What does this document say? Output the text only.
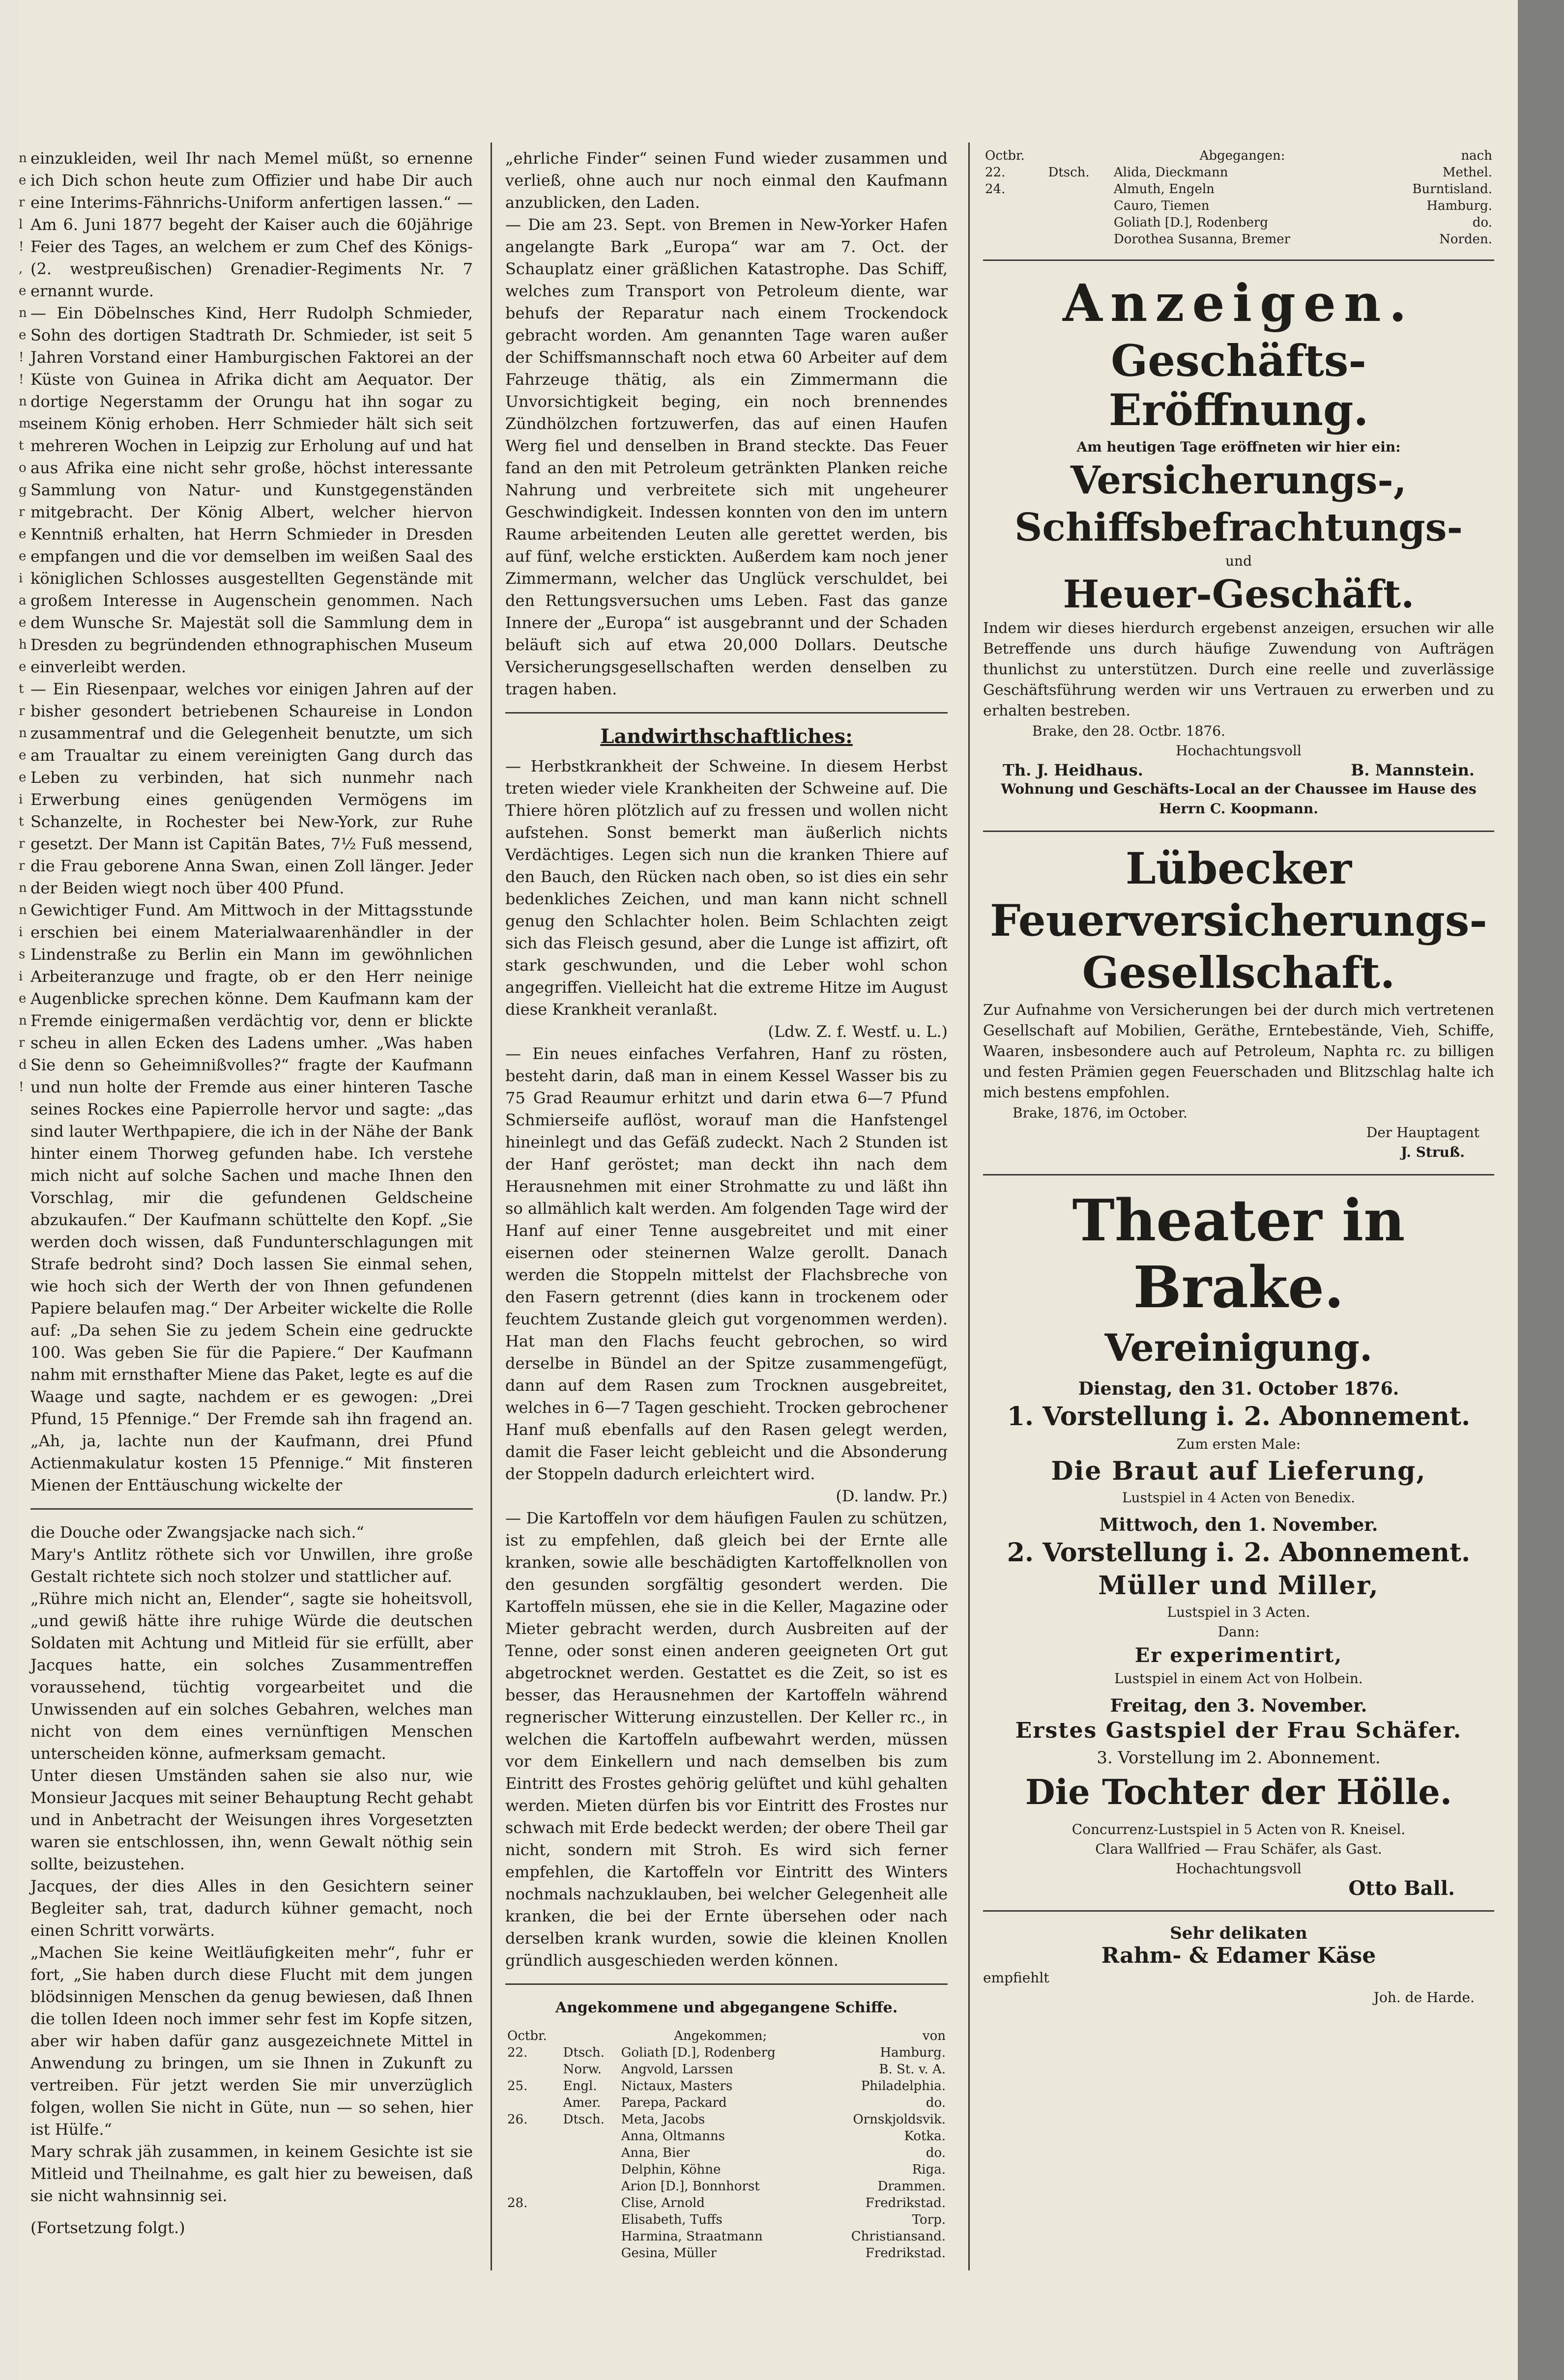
n
e
r
l
!
,
e
n
e
!
!
n
m
t
o
g
r
e
e
i
a
e
h
e
t
r
n
e
e
i
t
r
r
n
n
i
s
i
e
n
r
d
!

einzukleiden, weil Ihr nach Memel müßt, so ernenne ich Dich schon heute zum Offizier und habe Dir auch eine Interims-Fähnrichs-Uniform anfertigen lassen.“ — Am 6. Juni 1877 begeht der Kaiser auch die 60jährige Feier des Tages, an welchem er zum Chef des Königs- (2. westpreußischen) Grenadier-Regiments Nr. 7 ernannt wurde.

— Ein Döbelnsches Kind, Herr Rudolph Schmieder, Sohn des dortigen Stadtrath Dr. Schmieder, ist seit 5 Jahren Vorstand einer Hamburgischen Faktorei an der Küste von Guinea in Afrika dicht am Aequator. Der dortige Negerstamm der Orungu hat ihn sogar zu seinem König erhoben. Herr Schmieder hält sich seit mehreren Wochen in Leipzig zur Erholung auf und hat aus Afrika eine nicht sehr große, höchst interessante Sammlung von Natur- und Kunstgegenständen mitgebracht. Der König Albert, welcher hiervon Kenntniß erhalten, hat Herrn Schmieder in Dresden empfangen und die vor demselben im weißen Saal des königlichen Schlosses ausgestellten Gegenstände mit großem Interesse in Augenschein genommen. Nach dem Wunsche Sr. Majestät soll die Sammlung dem in Dresden zu begründenden ethnographischen Museum einverleibt werden.

— Ein Riesenpaar, welches vor einigen Jahren auf der bisher gesondert betriebenen Schaureise in London zusammentraf und die Gelegenheit benutzte, um sich am Traualtar zu einem vereinigten Gang durch das Leben zu verbinden, hat sich nunmehr nach Erwerbung eines genügenden Vermögens im Schanzelte, in Rochester bei New-York, zur Ruhe gesetzt. Der Mann ist Capitän Bates, 7½ Fuß messend, die Frau geborene Anna Swan, einen Zoll länger. Jeder der Beiden wiegt noch über 400 Pfund.

Gewichtiger Fund. Am Mittwoch in der Mittagsstunde erschien bei einem Materialwaarenhändler in der Lindenstraße zu Berlin ein Mann im gewöhnlichen Arbeiteranzuge und fragte, ob er den Herr neinige Augenblicke sprechen könne. Dem Kaufmann kam der Fremde einigermaßen verdächtig vor, denn er blickte scheu in allen Ecken des Ladens umher. „Was haben Sie denn so Geheimnißvolles?“ fragte der Kaufmann und nun holte der Fremde aus einer hinteren Tasche seines Rockes eine Papierrolle hervor und sagte: „das sind lauter Werthpapiere, die ich in der Nähe der Bank hinter einem Thorweg gefunden habe. Ich verstehe mich nicht auf solche Sachen und mache Ihnen den Vorschlag, mir die gefundenen Geldscheine abzukaufen.“ Der Kaufmann schüttelte den Kopf. „Sie werden doch wissen, daß Fundunterschlagungen mit Strafe bedroht sind? Doch lassen Sie einmal sehen, wie hoch sich der Werth der von Ihnen gefundenen Papiere belaufen mag.“ Der Arbeiter wickelte die Rolle auf: „Da sehen Sie zu jedem Schein eine gedruckte 100. Was geben Sie für die Papiere.“ Der Kaufmann nahm mit ernsthafter Miene das Paket, legte es auf die Waage und sagte, nachdem er es gewogen: „Drei Pfund, 15 Pfennige.“ Der Fremde sah ihn fragend an. „Ah, ja, lachte nun der Kaufmann, drei Pfund Actienmakulatur kosten 15 Pfennige.“ Mit finsteren Mienen der Enttäuschung wickelte der

die Douche oder Zwangsjacke nach sich.“

Mary's Antlitz röthete sich vor Unwillen, ihre große Gestalt richtete sich noch stolzer und stattlicher auf.

„Rühre mich nicht an, Elender“, sagte sie hoheitsvoll, „und gewiß hätte ihre ruhige Würde die deutschen Soldaten mit Achtung und Mitleid für sie erfüllt, aber Jacques hatte, ein solches Zusammentreffen voraussehend, tüchtig vorgearbeitet und die Unwissenden auf ein solches Gebahren, welches man nicht von dem eines vernünftigen Menschen unterscheiden könne, aufmerksam gemacht.

Unter diesen Umständen sahen sie also nur, wie Monsieur Jacques mit seiner Behauptung Recht gehabt und in Anbetracht der Weisungen ihres Vorgesetzten waren sie entschlossen, ihn, wenn Gewalt nöthig sein sollte, beizustehen.

Jacques, der dies Alles in den Gesichtern seiner Begleiter sah, trat, dadurch kühner gemacht, noch einen Schritt vorwärts.

„Machen Sie keine Weitläufigkeiten mehr“, fuhr er fort, „Sie haben durch diese Flucht mit dem jungen blödsinnigen Menschen da genug bewiesen, daß Ihnen die tollen Ideen noch immer sehr fest im Kopfe sitzen, aber wir haben dafür ganz ausgezeichnete Mittel in Anwendung zu bringen, um sie Ihnen in Zukunft zu vertreiben. Für jetzt werden Sie mir unverzüglich folgen, wollen Sie nicht in Güte, nun — so sehen, hier ist Hülfe.“

Mary schrak jäh zusammen, in keinem Gesichte ist sie Mitleid und Theilnahme, es galt hier zu beweisen, daß sie nicht wahnsinnig sei.

(Fortsetzung folgt.)

„ehrliche Finder“ seinen Fund wieder zusammen und verließ, ohne auch nur noch einmal den Kaufmann anzublicken, den Laden.

— Die am 23. Sept. von Bremen in New-Yorker Hafen angelangte Bark „Europa“ war am 7. Oct. der Schauplatz einer gräßlichen Katastrophe. Das Schiff, welches zum Transport von Petroleum diente, war behufs der Reparatur nach einem Trockendock gebracht worden. Am genannten Tage waren außer der Schiffsmannschaft noch etwa 60 Arbeiter auf dem Fahrzeuge thätig, als ein Zimmermann die Unvorsichtigkeit beging, ein noch brennendes Zündhölzchen fortzuwerfen, das auf einen Haufen Werg fiel und denselben in Brand steckte. Das Feuer fand an den mit Petroleum getränkten Planken reiche Nahrung und verbreitete sich mit ungeheurer Geschwindigkeit. Indessen konnten von den im untern Raume arbeitenden Leuten alle gerettet werden, bis auf fünf, welche erstickten. Außerdem kam noch jener Zimmermann, welcher das Unglück verschuldet, bei den Rettungsversuchen ums Leben. Fast das ganze Innere der „Europa“ ist ausgebrannt und der Schaden beläuft sich auf etwa 20,000 Dollars. Deutsche Versicherungsgesellschaften werden denselben zu tragen haben.

Landwirthschaftliches:

— Herbstkrankheit der Schweine. In diesem Herbst treten wieder viele Krankheiten der Schweine auf. Die Thiere hören plötzlich auf zu fressen und wollen nicht aufstehen. Sonst bemerkt man äußerlich nichts Verdächtiges. Legen sich nun die kranken Thiere auf den Bauch, den Rücken nach oben, so ist dies ein sehr bedenkliches Zeichen, und man kann nicht schnell genug den Schlachter holen. Beim Schlachten zeigt sich das Fleisch gesund, aber die Lunge ist affizirt, oft stark geschwunden, und die Leber wohl schon angegriffen. Vielleicht hat die extreme Hitze im August diese Krankheit veranlaßt.

(Ldw. Z. f. Westf. u. L.)

— Ein neues einfaches Verfahren, Hanf zu rösten, besteht darin, daß man in einem Kessel Wasser bis zu 75 Grad Reaumur erhitzt und darin etwa 6—7 Pfund Schmierseife auflöst, worauf man die Hanfstengel hineinlegt und das Gefäß zudeckt. Nach 2 Stunden ist der Hanf geröstet; man deckt ihn nach dem Herausnehmen mit einer Strohmatte zu und läßt ihn so allmählich kalt werden. Am folgenden Tage wird der Hanf auf einer Tenne ausgebreitet und mit einer eisernen oder steinernen Walze gerollt. Danach werden die Stoppeln mittelst der Flachsbreche von den Fasern getrennt (dies kann in trockenem oder feuchtem Zustande gleich gut vorgenommen werden). Hat man den Flachs feucht gebrochen, so wird derselbe in Bündel an der Spitze zusammengefügt, dann auf dem Rasen zum Trocknen ausgebreitet, welches in 6—7 Tagen geschieht. Trocken gebrochener Hanf muß ebenfalls auf den Rasen gelegt werden, damit die Faser leicht gebleicht und die Absonderung der Stoppeln dadurch erleichtert wird.

(D. landw. Pr.)

— Die Kartoffeln vor dem häufigen Faulen zu schützen, ist zu empfehlen, daß gleich bei der Ernte alle kranken, sowie alle beschädigten Kartoffelknollen von den gesunden sorgfältig gesondert werden. Die Kartoffeln müssen, ehe sie in die Keller, Magazine oder Mieter gebracht werden, durch Ausbreiten auf der Tenne, oder sonst einen anderen geeigneten Ort gut abgetrocknet werden. Gestattet es die Zeit, so ist es besser, das Herausnehmen der Kartoffeln während regnerischer Witterung einzustellen. Der Keller rc., in welchen die Kartoffeln aufbewahrt werden, müssen vor dem Einkellern und nach demselben bis zum Eintritt des Frostes gehörig gelüftet und kühl gehalten werden. Mieten dürfen bis vor Eintritt des Frostes nur schwach mit Erde bedeckt werden; der obere Theil gar nicht, sondern mit Stroh. Es wird sich ferner empfehlen, die Kartoffeln vor Eintritt des Winters nochmals nachzuklauben, bei welcher Gelegenheit alle kranken, die bei der Ernte übersehen oder nach derselben krank wurden, sowie die kleinen Knollen gründlich ausgeschieden werden können.

Angekommene und abgegangene Schiffe.
Octbr.		Angekommen;	von
22.	Dtsch.	Goliath [D.], Rodenberg	Hamburg.
	Norw.	Angvold, Larssen	B. St. v. A.
25.	Engl.	Nictaux, Masters	Philadelphia.
	Amer.	Parepa, Packard	do.
26.	Dtsch.	Meta, Jacobs	Ornskjoldsvik.
		Anna, Oltmanns	Kotka.
		Anna, Bier	do.
		Delphin, Köhne	Riga.
		Arion [D.], Bonnhorst	Drammen.
28.		Clise, Arnold	Fredrikstad.
		Elisabeth, Tuffs	Torp.
		Harmina, Straatmann	Christiansand.
		Gesina, Müller	Fredrikstad.
Octbr.		Abgegangen:	nach
22.	Dtsch.	Alida, Dieckmann	Methel.
24.		Almuth, Engeln	Burntisland.
		Cauro, Tiemen	Hamburg.
		Goliath [D.], Rodenberg	do.
		Dorothea Susanna, Bremer	Norden.
Anzeigen.
Geschäfts-Eröffnung.
Am heutigen Tage eröffneten wir hier ein:
Versicherungs-,
Schiffsbefrachtungs-
und
Heuer-Geschäft.

Indem wir dieses hierdurch ergebenst anzeigen, ersuchen wir alle Betreffende uns durch häufige Zuwendung von Aufträgen thunlichst zu unterstützen. Durch eine reelle und zuverlässige Geschäftsführung werden wir uns Vertrauen zu erwerben und zu erhalten bestreben.

Brake, den 28. Octbr. 1876.
Hochachtungsvoll
Th. J. Heidhaus.	B. Mannstein.
Wohnung und Geschäfts-Local an der Chaussee im Hause des Herrn C. Koopmann.
Lübecker
Feuerversicherungs-
Gesellschaft.

Zur Aufnahme von Versicherungen bei der durch mich vertretenen Gesellschaft auf Mobilien, Geräthe, Erntebestände, Vieh, Schiffe, Waaren, insbesondere auch auf Petroleum, Naphta rc. zu billigen und festen Prämien gegen Feuerschaden und Blitzschlag halte ich mich bestens empfohlen.

Brake, 1876, im October.
Der Hauptagent
J. Struß.
Theater in Brake.
Vereinigung.
Dienstag, den 31. October 1876.
1. Vorstellung i. 2. Abonnement.
Zum ersten Male:
Die Braut auf Lieferung,
Lustspiel in 4 Acten von Benedix.
Mittwoch, den 1. November.
2. Vorstellung i. 2. Abonnement.
Müller und Miller,
Lustspiel in 3 Acten.
Dann:
Er experimentirt,
Lustspiel in einem Act von Holbein.
Freitag, den 3. November.
Erstes Gastspiel der Frau Schäfer.
3. Vorstellung im 2. Abonnement.
Die Tochter der Hölle.
Concurrenz-Lustspiel in 5 Acten von R. Kneisel.
Clara Wallfried — Frau Schäfer, als Gast.
Hochachtungsvoll
Otto Ball.
Sehr delikaten
Rahm- & Edamer Käse
empfiehlt
Joh. de Harde.
